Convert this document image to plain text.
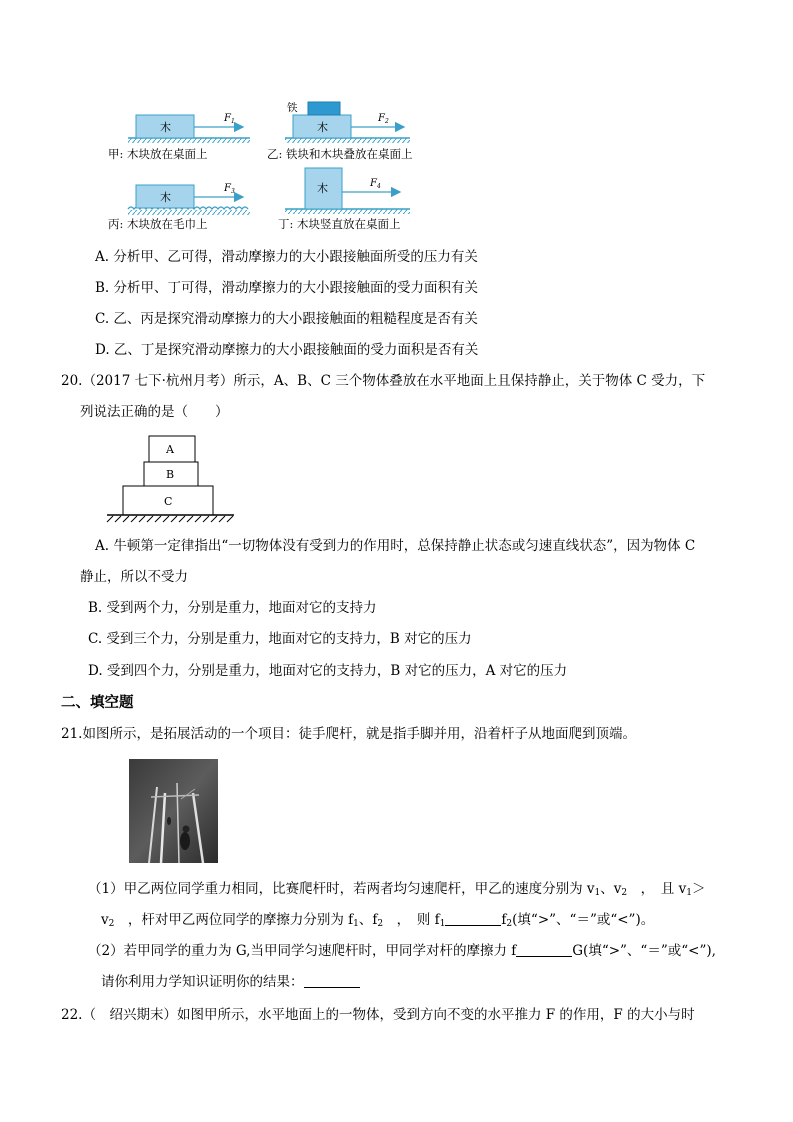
木
$F_1$
甲: 木块放在桌面上
铁
木
$F_2$
乙: 铁块和木块叠放在桌面上
木
$F_3$
丙: 木块放在毛巾上
木	$F_4$
丁: 木块竖直放在桌面上
A. 分析甲、乙可得，滑动摩擦力的大小跟接触面所受的压力有关
B. 分析甲、丁可得，滑动摩擦力的大小跟接触面的受力面积有关
C. 乙、丙是探究滑动摩擦力的大小跟接触面的粗糙程度是否有关
D. 乙、丁是探究滑动摩擦力的大小跟接触面的受力面积是否有关
20.（2017 七下·杭州月考）所示，A、B、C 三个物体叠放在水平地面上且保持静止，关于物体 C 受力，下
列说法正确的是（　　）
A
B
C
A. 牛顿第一定律指出“一切物体没有受到力的作用时，总保持静止状态或匀速直线状态”，因为物体 C
静止，所以不受力
B. 受到两个力，分别是重力，地面对它的支持力
C. 受到三个力，分别是重力，地面对它的支持力，B 对它的压力
D. 受到四个力，分别是重力，地面对它的支持力，B 对它的压力，A 对它的压力
二、填空题
21.如图所示，是拓展活动的一个项目：徒手爬杆，就是指手脚并用，沿着杆子从地面爬到顶端。
（1）甲乙两位同学重力相同，比赛爬杆时，若两者均匀速爬杆，甲乙的速度分别为 $v_1$、$v_2$　，　且 $v_1>$
$v_2$　，杆对甲乙两位同学的摩擦力分别为 $f_1$、$f_2$　，　则 $f_1$	$f_2$(填“>”、“＝”或“<”)。
（2）若甲同学的重力为 G,当甲同学匀速爬杆时，甲同学对杆的摩擦力 f	G(填“>”、“＝”或“<”),
请你利用力学知识证明你的结果：
22.（　绍兴期末）如图甲所示，水平地面上的一物体，受到方向不变的水平推力 F 的作用，F 的大小与时
